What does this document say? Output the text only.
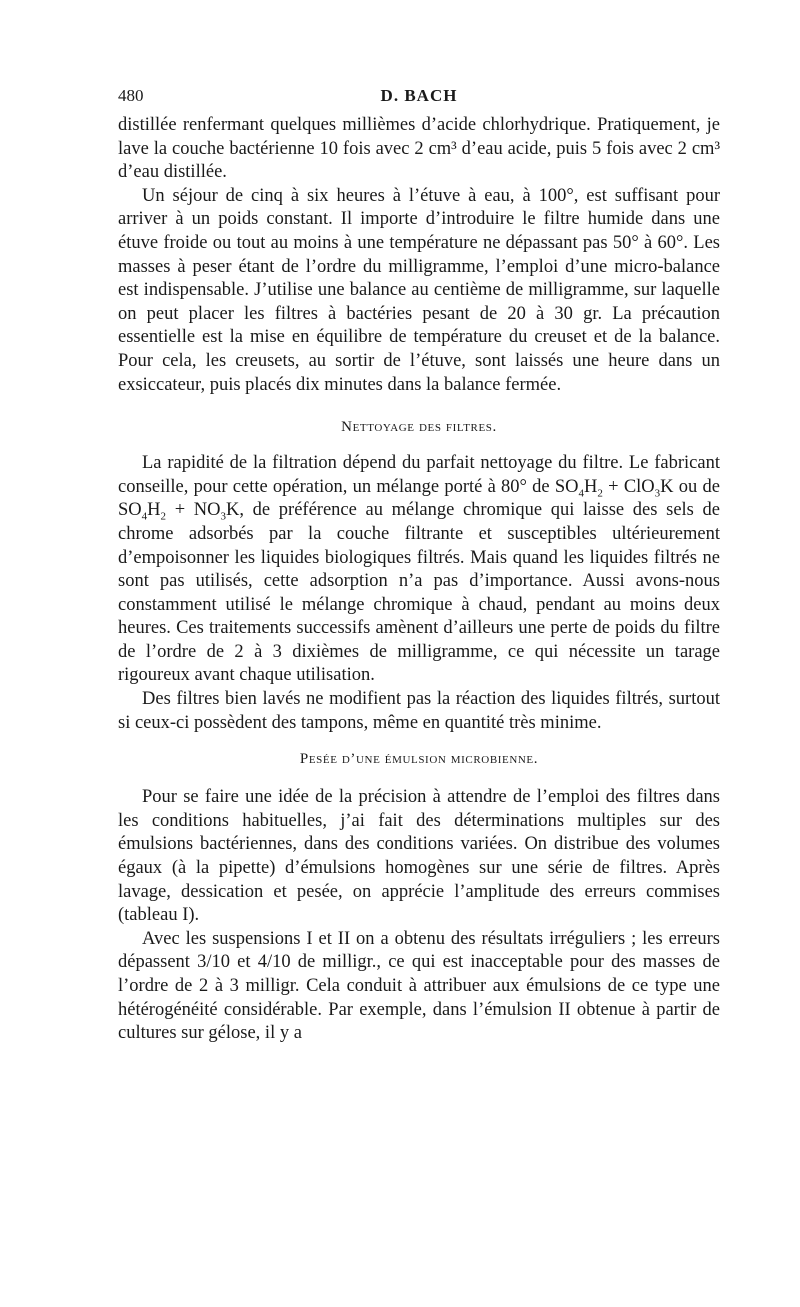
480	D. BACH

distillée renfermant quelques millièmes d’acide chlorhydrique. Pratiquement, je lave la couche bactérienne 10 fois avec 2 cm³ d’eau acide, puis 5 fois avec 2 cm³ d’eau distillée.

Un séjour de cinq à six heures à l’étuve à eau, à 100°, est suffisant pour arriver à un poids constant. Il importe d’introduire le filtre humide dans une étuve froide ou tout au moins à une température ne dépassant pas 50° à 60°. Les masses à peser étant de l’ordre du milligramme, l’emploi d’une micro-balance est indispensable. J’utilise une balance au centième de milligramme, sur laquelle on peut placer les filtres à bactéries pesant de 20 à 30 gr. La précaution essentielle est la mise en équilibre de température du creuset et de la balance. Pour cela, les creusets, au sortir de l’étuve, sont laissés une heure dans un exsiccateur, puis placés dix minutes dans la balance fermée.

Nettoyage des filtres.

La rapidité de la filtration dépend du parfait nettoyage du filtre. Le fabricant conseille, pour cette opération, un mélange porté à 80° de $SO_4H_2 + ClO_3K$ ou de $SO_4H_2 + NO_3K$, de préférence au mélange chromique qui laisse des sels de chrome adsorbés par la couche filtrante et susceptibles ultérieurement d’empoisonner les liquides biologiques filtrés. Mais quand les liquides filtrés ne sont pas utilisés, cette adsorption n’a pas d’importance. Aussi avons-nous constamment utilisé le mélange chromique à chaud, pendant au moins deux heures. Ces traitements successifs amènent d’ailleurs une perte de poids du filtre de l’ordre de 2 à 3 dixièmes de milligramme, ce qui nécessite un tarage rigoureux avant chaque utilisation.

Des filtres bien lavés ne modifient pas la réaction des liquides filtrés, surtout si ceux-ci possèdent des tampons, même en quantité très minime.

Pesée d’une émulsion microbienne.

Pour se faire une idée de la précision à attendre de l’emploi des filtres dans les conditions habituelles, j’ai fait des déterminations multiples sur des émulsions bactériennes, dans des conditions variées. On distribue des volumes égaux (à la pipette) d’émulsions homogènes sur une série de filtres. Après lavage, dessication et pesée, on apprécie l’amplitude des erreurs commises (tableau I).

Avec les suspensions I et II on a obtenu des résultats irréguliers ; les erreurs dépassent 3/10 et 4/10 de milligr., ce qui est inacceptable pour des masses de l’ordre de 2 à 3 milligr. Cela conduit à attribuer aux émulsions de ce type une hétérogénéité considérable. Par exemple, dans l’émulsion II obtenue à partir de cultures sur gélose, il y a
